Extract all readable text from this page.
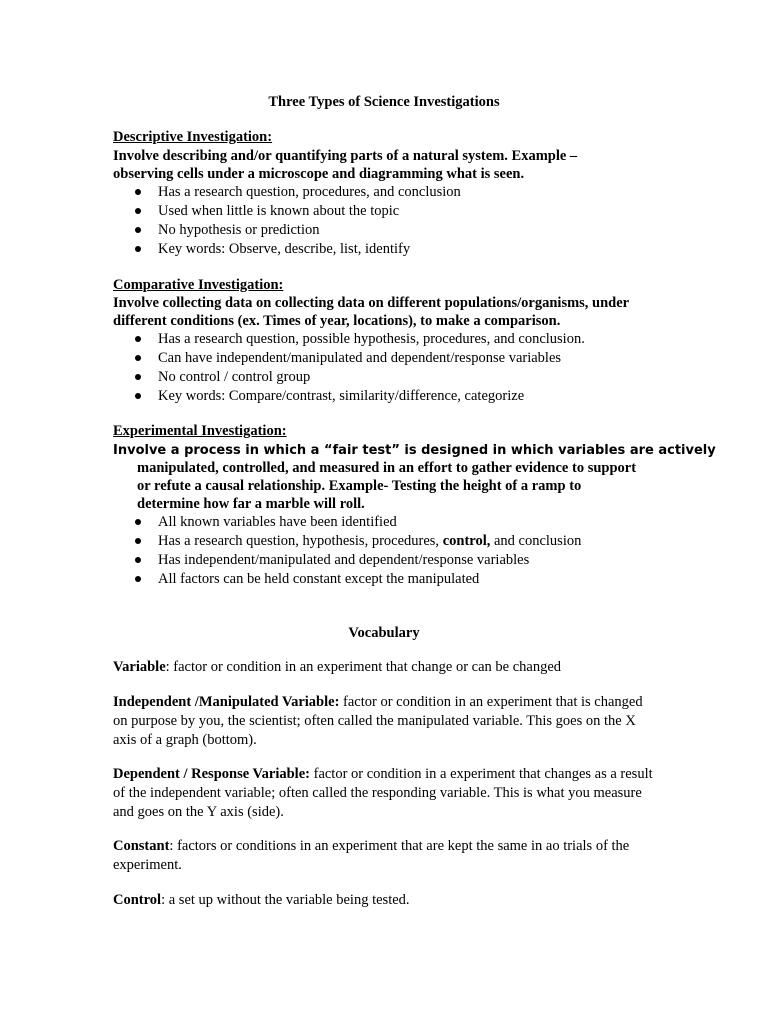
Three Types of Science Investigations

Descriptive Investigation:

Involve describing and/or quantifying parts of a natural system. Example –

observing cells under a microscope and diagramming what is seen.

Has a research question, procedures, and conclusion
Used when little is known about the topic
No hypothesis or prediction
Key words: Observe, describe, list, identify

Comparative Investigation:

Involve collecting data on collecting data on different populations/organisms, under

different conditions (ex. Times of year, locations), to make a comparison.

Has a research question, possible hypothesis, procedures, and conclusion.
Can have independent/manipulated and dependent/response variables
No control / control group
Key words: Compare/contrast, similarity/difference, categorize

Experimental Investigation:

Involve a process in which a “fair test” is designed in which variables are actively

manipulated, controlled, and measured in an effort to gather evidence to support

or refute a causal relationship. Example- Testing the height of a ramp to

determine how far a marble will roll.

All known variables have been identified
Has a research question, hypothesis, procedures, control, and conclusion
Has independent/manipulated and dependent/response variables
All factors can be held constant except the manipulated

Vocabulary

Variable: factor or condition in an experiment that change or can be changed

Independent /Manipulated Variable: factor or condition in an experiment that is changed on purpose by you, the scientist; often called the manipulated variable. This goes on the X axis of a graph (bottom).

Dependent / Response Variable: factor or condition in a experiment that changes as a result of the independent variable; often called the responding variable. This is what you measure and goes on the Y axis (side).

Constant: factors or conditions in an experiment that are kept the same in ao trials of the experiment.

Control: a set up without the variable being tested.
